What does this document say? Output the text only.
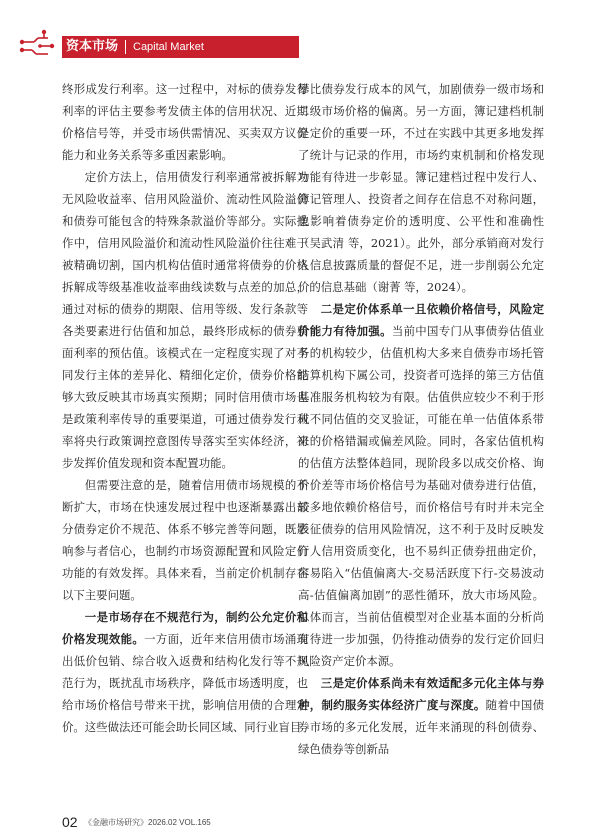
资本市场 Capital Market

终形成发行利率。这一过程中，对标的债券发行利率的评估主要参考发债主体的信用状况、近期价格信号等，并受市场供需情况、买卖双方议价能力和业务关系等多重因素影响。

定价方法上，信用债发行利率通常被拆解为无风险收益率、信用风险溢价、流动性风险溢价和债券可能包含的特殊条款溢价等部分。实际操作中，信用风险溢价和流动性风险溢价往往难于被精确切割，国内机构估值时通常将债券的价格拆解成等级基准收益率曲线读数与点差的加总，通过对标的债券的期限、信用等级、发行条款等各类要素进行估值和加总，最终形成标的债券票面利率的预估值。该模式在一定程度实现了对不同发行主体的差异化、精细化定价，债券价格能够大致反映其市场真实预期；同时信用债市场也是政策利率传导的重要渠道，可通过债券发行利率将央行政策调控意图传导落实至实体经济，初步发挥价值发现和资本配置功能。

但需要注意的是，随着信用债市场规模的不断扩大，市场在快速发展过程中也逐渐暴露出部分债券定价不规范、体系不够完善等问题，既影响参与者信心，也制约市场资源配置和风险定价功能的有效发挥。具体来看，当前定价机制存在以下主要问题。

一是市场存在不规范行为，制约公允定价和价格发现效能。一方面，近年来信用债市场涌现出低价包销、综合收入返费和结构化发行等不规范行为，既扰乱市场秩序，降低市场透明度，也给市场价格信号带来干扰，影响信用债的合理定价。这些做法还可能会助长同区域、同行业盲目

攀比债券发行成本的风气，加剧债券一级市场和二级市场价格的偏离。另一方面，簿记建档机制是定价的重要一环，不过在实践中其更多地发挥了统计与记录的作用，市场约束机制和价格发现功能有待进一步彰显。簿记建档过程中发行人、簿记管理人、投资者之间存在信息不对称问题，也影响着债券定价的透明度、公平性和准确性（吴武清 等，2021）。此外，部分承销商对发行人信息披露质量的督促不足，进一步削弱公允定价的信息基础（谢菁 等，2024）。

二是定价体系单一且依赖价格信号，风险定价能力有待加强。当前中国专门从事债券估值业务的机构较少，估值机构大多来自债券市场托管结算机构下属公司，投资者可选择的第三方估值基准服务机构较为有限。估值供应较少不利于形成不同估值的交叉验证，可能在单一估值体系带来的价格错漏或偏差风险。同时，各家估值机构的估值方法整体趋同，现阶段多以成交价格、询价价差等市场价格信号为基础对债券进行估值，较多地依赖价格信号，而价格信号有时并未完全表征债券的信用风险情况，这不利于及时反映发行人信用资质变化，也不易纠正债券扭曲定价，容易陷入“估值偏离大-交易活跃度下行-交易波动高-估值偏离加剧”的恶性循环，放大市场风险。总体而言，当前估值模型对企业基本面的分析尚有待进一步加强，仍待推动债券的发行定价回归风险资产定价本源。

三是定价体系尚未有效适配多元化主体与券种，制约服务实体经济广度与深度。随着中国债券市场的多元化发展，近年来涌现的科创债券、绿色债券等创新品

02 《金融市场研究》2026.02 VOL.165
